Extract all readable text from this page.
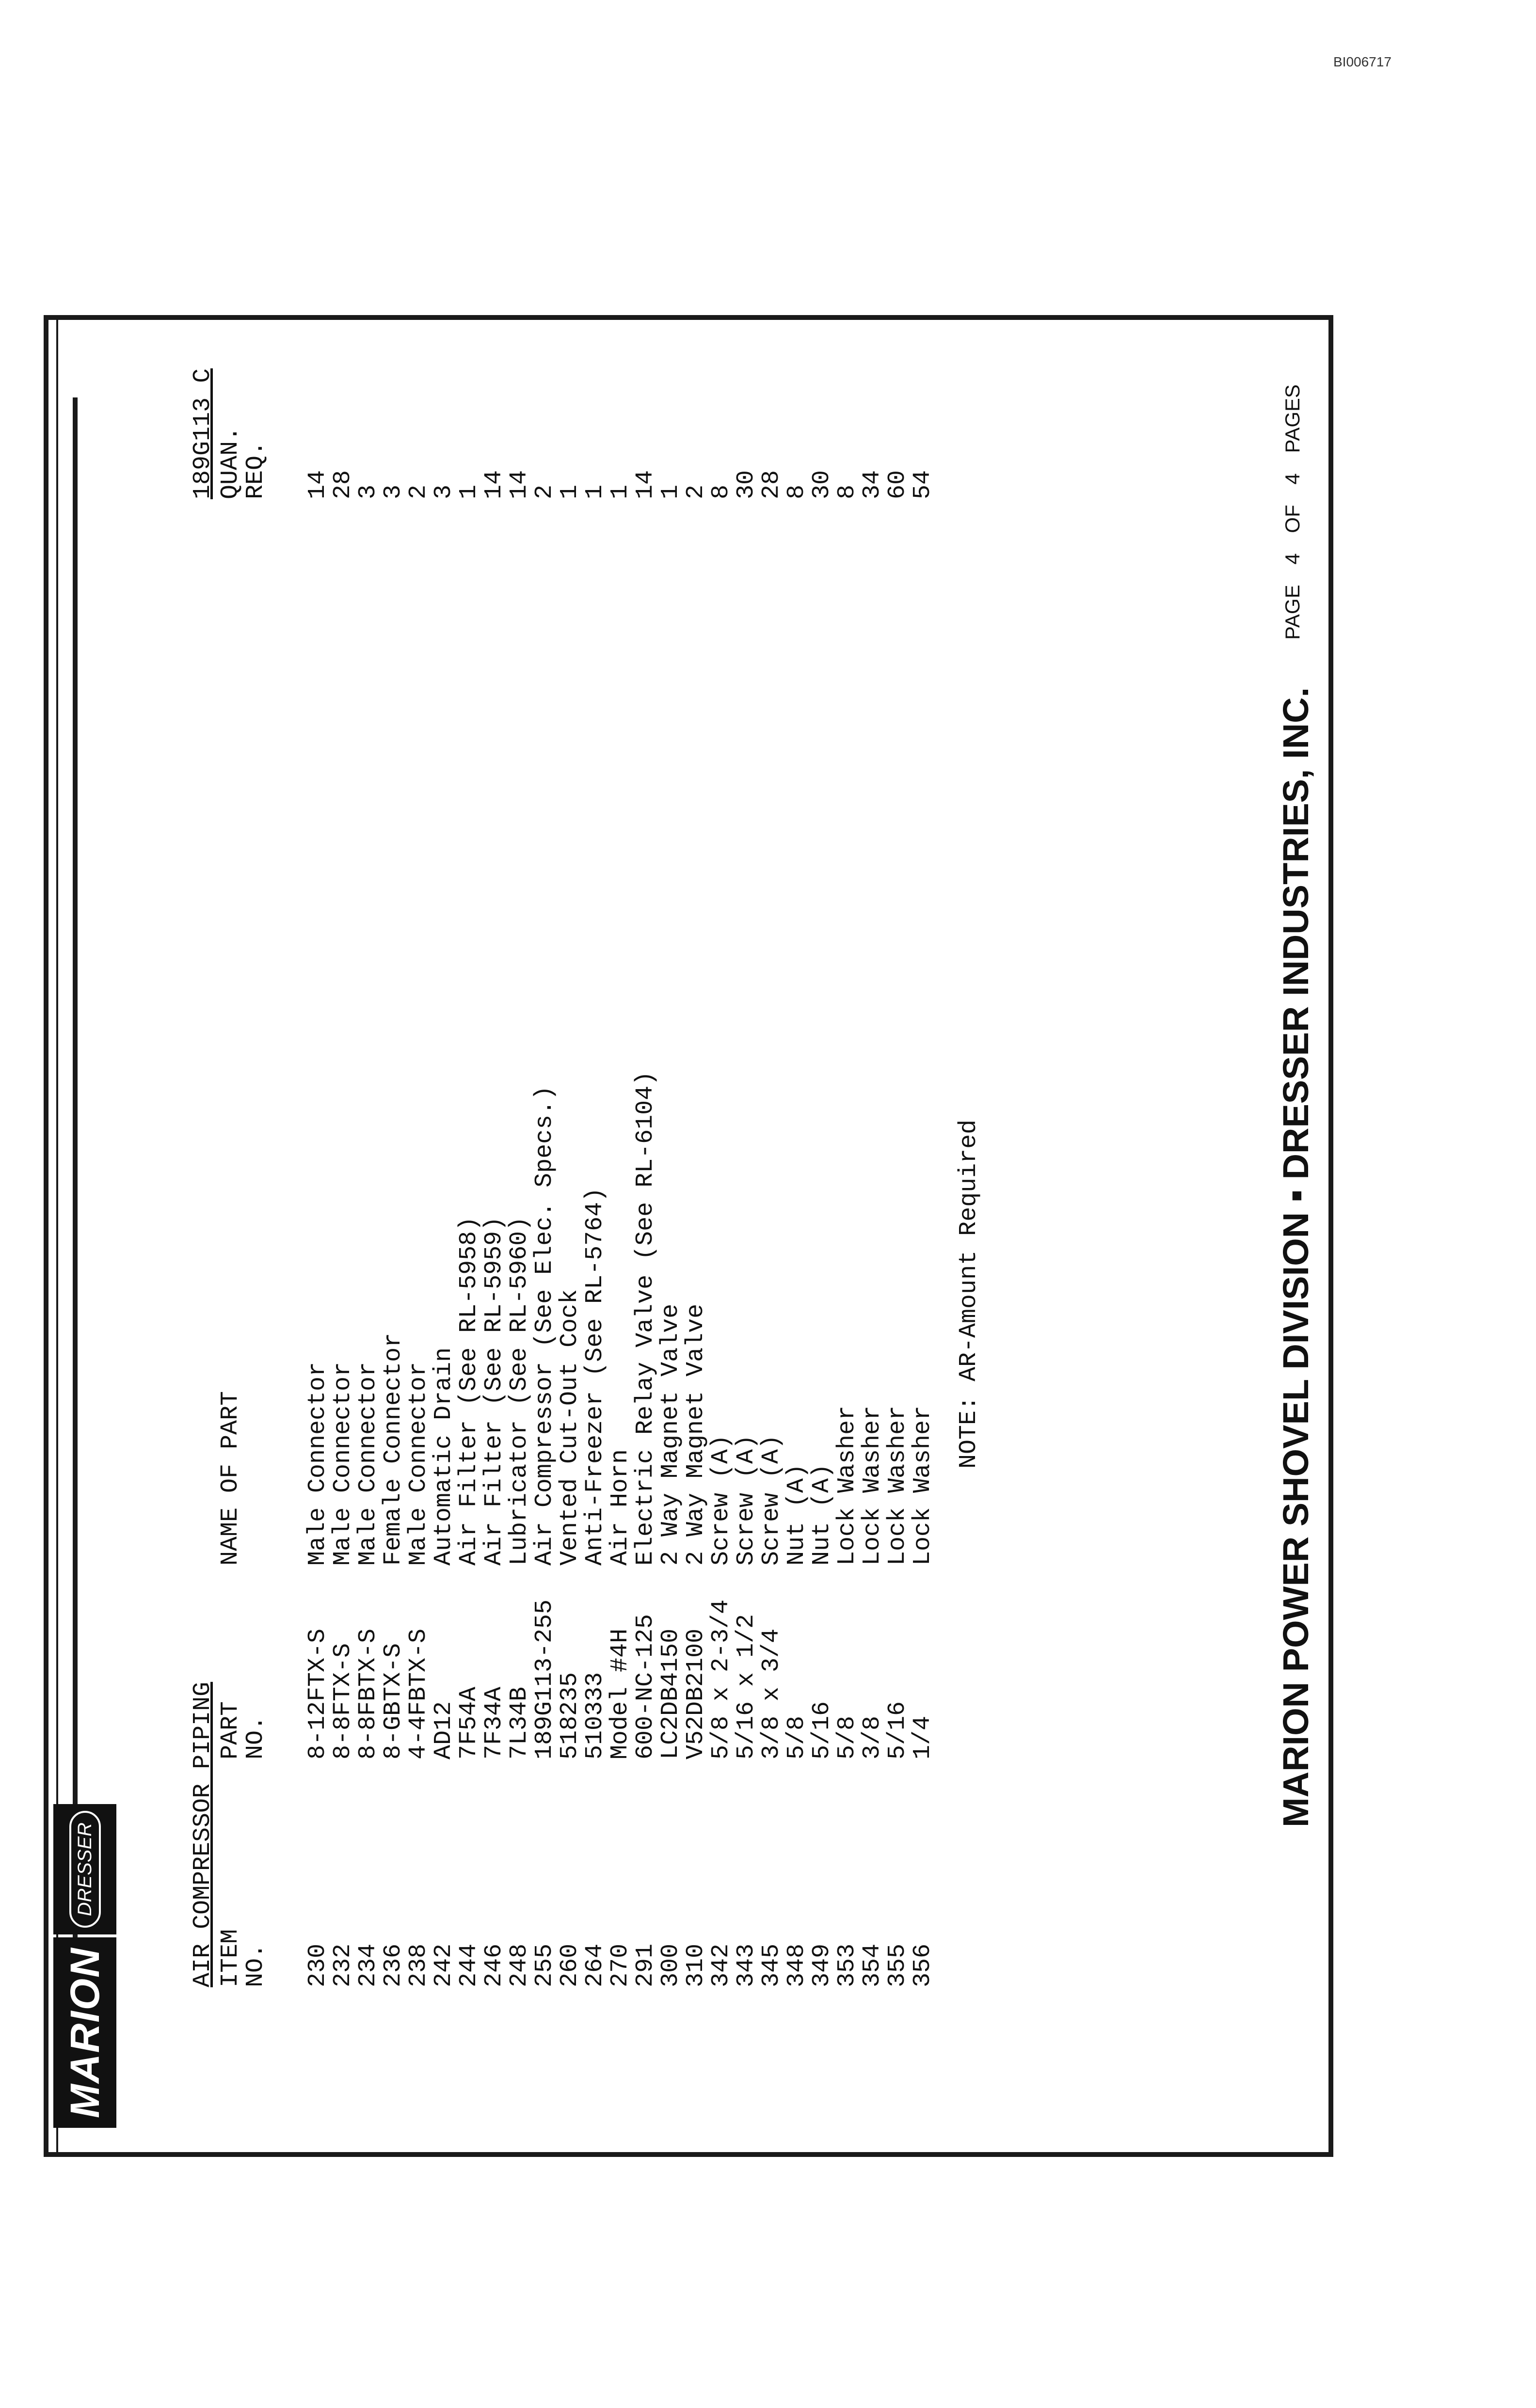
BI006717
MARION
DRESSER	AIR COMPRESSOR PIPING
189G113 C
ITEM
NO.
PART
NO.
NAME OF PART
QUAN.
REQ.
230
232
234
236
238
242
244
246
248
255
260
264
270
291
300
310
342
343
345
348
349
353
354
355
356
8-12FTX-S
8-8FTX-S
8-8FBTX-S
8-GBTX-S
4-4FBTX-S
AD12
7F54A
7F34A
7L34B
189G113-255
518235
510333
Model #4H
600-NC-125
LC2DB4150
V52DB2100
5/8 x 2-3/4
5/16 x 1/2
3/8 x 3/4
5/8
5/16
5/8
3/8
5/16
1/4
Male Connector
Male Connector
Male Connector
Female Connector
Male Connector
Automatic Drain
Air Filter (See RL-5958)
Air Filter (See RL-5959)
Lubricator (See RL-5960)
Air Compressor (See Elec. Specs.)
Vented Cut-Out Cock
Anti-Freezer (See RL-5764)
Air Horn
Electric Relay Valve (See RL-6104)
2 Way Magnet Valve
2 Way Magnet Valve
Screw (A)
Screw (A)
Screw (A)
Nut (A)
Nut (A)
Lock Washer
Lock Washer
Lock Washer
Lock Washer
14
28
3
3
2
3
1
14
14
2
1
1
1
14
1
2
8
30
28
8
30
8
34
60
54
NOTE: AR-Amount Required	MARION POWER SHOVEL DIVISION ▪ DRESSER INDUSTRIES, INC.
PAGE 4 OF 4 PAGES
